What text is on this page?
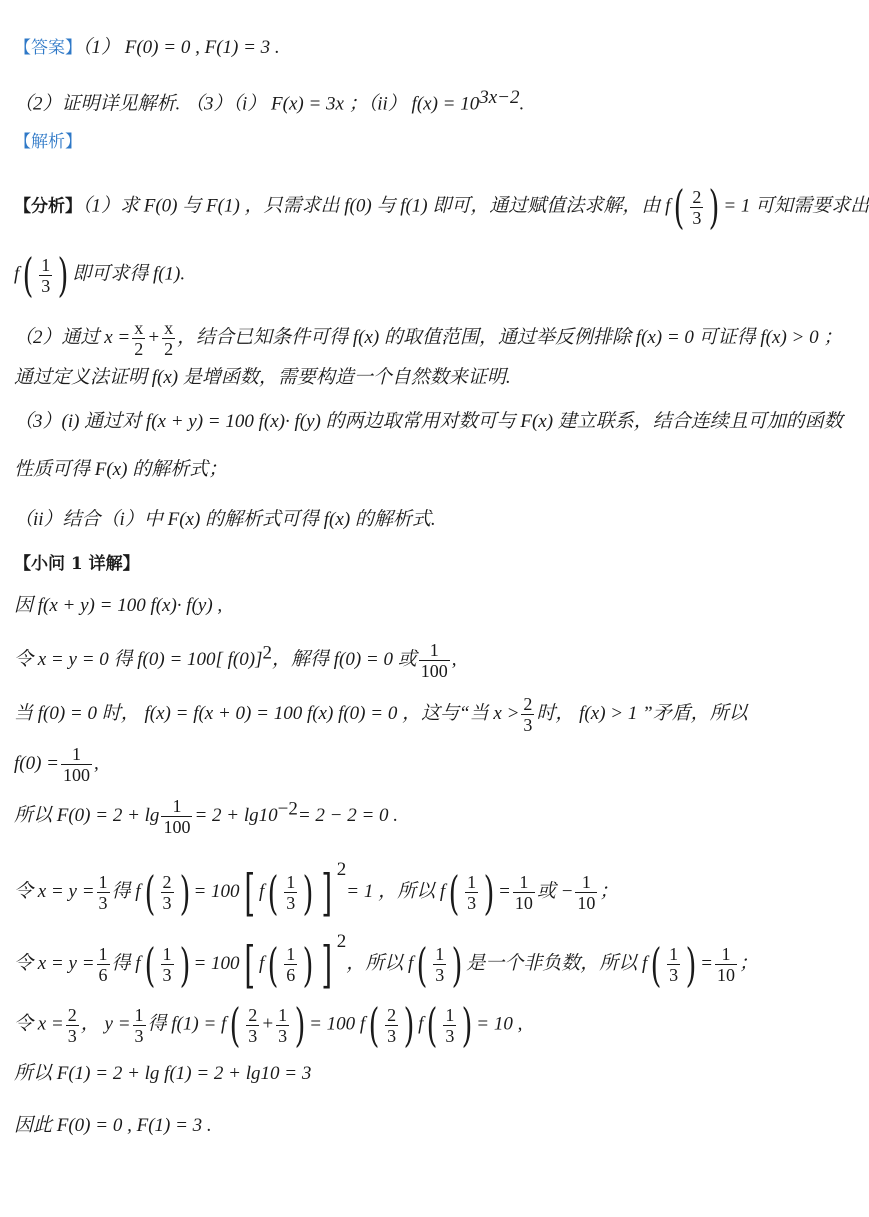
【答案】（1） F(0) = 0 , F(1) = 3 .
（2）证明详见解析. （3）（i） F(x) = 3x ；（ii） $f(x) = 10^{3x-2}$.
【解析】
【分析】（1）求 F(0) 与 F(1) ，只需求出 f(0) 与 f(1) 即可，通过赋值法求解，由 $f( \frac{2}{3}$ ) = 1 可知需要求出
$f( \frac{1}{3}$ ) 即可求得 f(1).
（2）通过 $x = \frac{x}{2} + \frac{x}{2}$ ，结合已知条件可得 f(x) 的取值范围，通过举反例排除 f(x) = 0 可证得 f(x) > 0 ；
通过定义法证明 f(x) 是增函数，需要构造一个自然数来证明.
（3）(i) 通过对 f(x + y) = 100 f(x)· f(y) 的两边取常用对数可与 F(x) 建立联系，结合连续且可加的函数
性质可得 F(x) 的解析式；
（ii）结合（i）中 F(x) 的解析式可得 f(x) 的解析式.
【小问 1 详解】
因 f(x + y) = 100 f(x)· f(y) ,
令 x = y = 0 得 f(0) = 100[ f(0)]$^2$，解得 f(0) = 0 或 $\frac{1}{100}$ ,
当 f(0) = 0 时， f(x) = f(x + 0) = 100 f(x) f(0) = 0 ，这与“当 $x > \frac{2}{3}$ 时， f(x) > 1 ”矛盾，所以
$f(0) = \frac{1}{100}$ ,
所以 $F(0) = 2 + \lg \frac{1}{100} = 2 + \lg 10^{-2}= 2 - 2 = 0$ .
令 $x = y = \frac{1}{3}$ 得 $f( \frac{2}{3}$ ) = 100[ $f( \frac{1}{3}$ ) ] $^2$= 1 ，所以 $f( \frac{1}{3}$ ) = $\frac{1}{10}$ 或 − $\frac{1}{10}$ ；
令 $x = y = \frac{1}{6}$ 得 $f( \frac{1}{3}$ ) = 100[ $f( \frac{1}{6}$ ) ] $^2$，所以 $f( \frac{1}{3}$ ) 是一个非负数，所以 $f( \frac{1}{3}$ ) = $\frac{1}{10}$ ；
令 $x = \frac{2}{3}$ ， $y = \frac{1}{3}$ 得 $f(1) = f( \frac{2}{3} + \frac{1}{3}$ ) = 100 $f( \frac{2}{3}$ ) $f( \frac{1}{3}$ ) = 10 ,
所以 F(1) = 2 + lg f(1) = 2 + lg10 = 3
因此 F(0) = 0 , F(1) = 3 .
